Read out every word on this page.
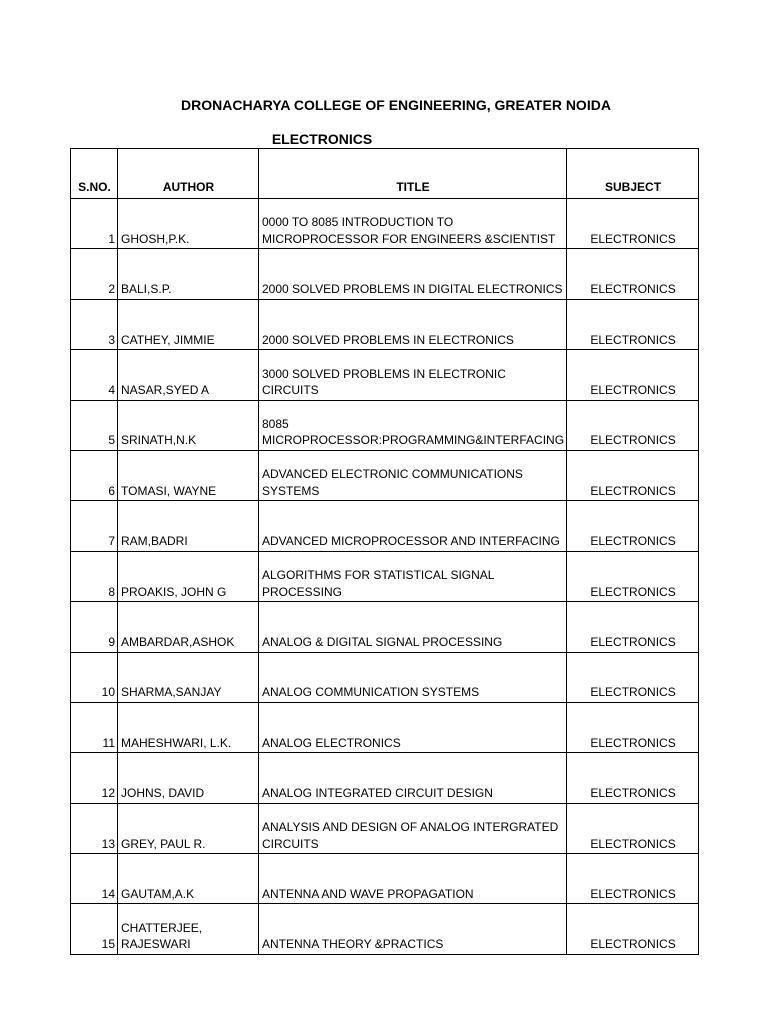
DRONACHARYA COLLEGE OF ENGINEERING, GREATER NOIDA
ELECTRONICS
S.NO.	AUTHOR	TITLE	SUBJECT
1	GHOSH,P.K.	0000 TO 8085 INTRODUCTION TO MICROPROCESSOR FOR ENGINEERS &SCIENTIST	ELECTRONICS
2	BALI,S.P.	2000 SOLVED PROBLEMS IN DIGITAL ELECTRONICS	ELECTRONICS
3	CATHEY, JIMMIE	2000 SOLVED PROBLEMS IN ELECTRONICS	ELECTRONICS
4	NASAR,SYED A	3000 SOLVED PROBLEMS IN ELECTRONIC CIRCUITS	ELECTRONICS
5	SRINATH,N.K	8085 MICROPROCESSOR:PROGRAMMING&INTERFACING	ELECTRONICS
6	TOMASI, WAYNE	ADVANCED ELECTRONIC COMMUNICATIONS SYSTEMS	ELECTRONICS
7	RAM,BADRI	ADVANCED MICROPROCESSOR AND INTERFACING	ELECTRONICS
8	PROAKIS, JOHN G	ALGORITHMS FOR STATISTICAL SIGNAL PROCESSING	ELECTRONICS
9	AMBARDAR,ASHOK	ANALOG & DIGITAL SIGNAL PROCESSING	ELECTRONICS
10	SHARMA,SANJAY	ANALOG COMMUNICATION SYSTEMS	ELECTRONICS
11	MAHESHWARI, L.K.	ANALOG ELECTRONICS	ELECTRONICS
12	JOHNS, DAVID	ANALOG INTEGRATED CIRCUIT DESIGN	ELECTRONICS
13	GREY, PAUL R.	ANALYSIS AND DESIGN OF ANALOG INTERGRATED CIRCUITS	ELECTRONICS
14	GAUTAM,A.K	ANTENNA AND WAVE PROPAGATION	ELECTRONICS
15	CHATTERJEE, RAJESWARI	ANTENNA THEORY &PRACTICS	ELECTRONICS
